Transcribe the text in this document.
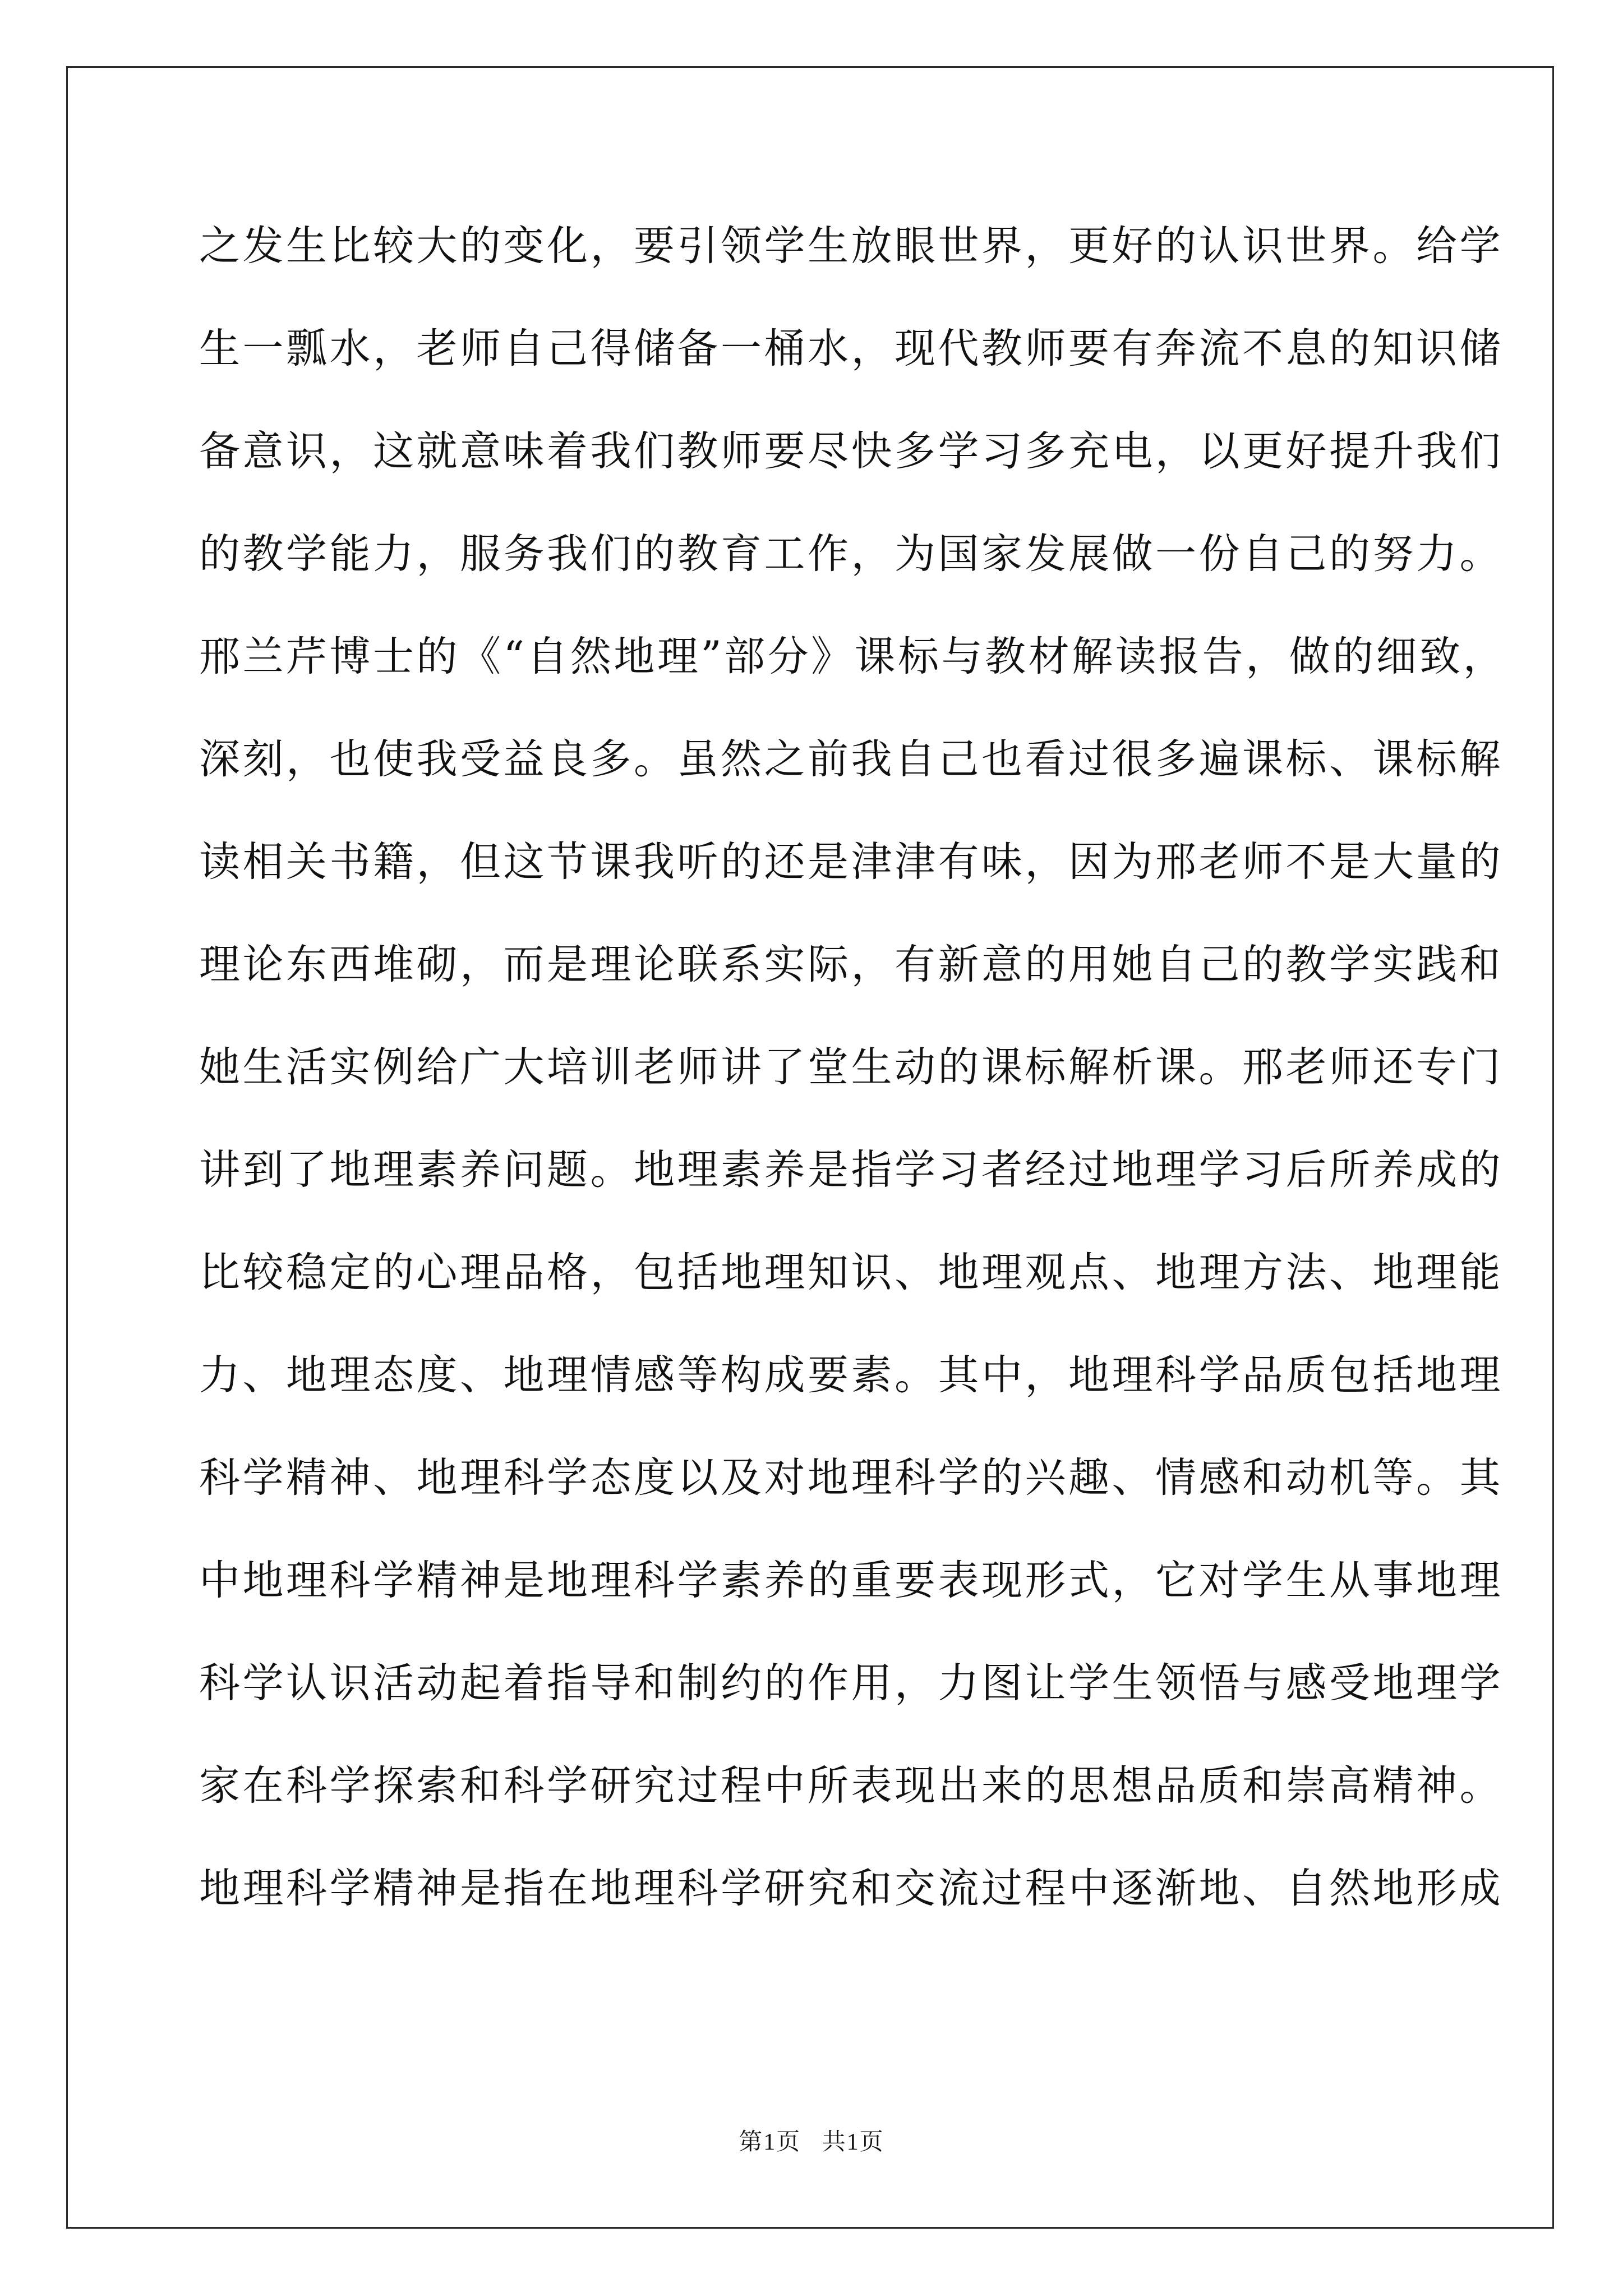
之发生比较大的变化，要引领学生放眼世界，更好的认识世界。给学
生一瓢水，老师自己得储备一桶水，现代教师要有奔流不息的知识储
备意识，这就意味着我们教师要尽快多学习多充电，以更好提升我们
的教学能力，服务我们的教育工作，为国家发展做一份自己的努力。
邢兰芹博士的《“自然地理”部分》课标与教材解读报告，做的细致，
深刻，也使我受益良多。虽然之前我自己也看过很多遍课标、课标解
读相关书籍，但这节课我听的还是津津有味，因为邢老师不是大量的
理论东西堆砌，而是理论联系实际，有新意的用她自己的教学实践和
她生活实例给广大培训老师讲了堂生动的课标解析课。邢老师还专门
讲到了地理素养问题。地理素养是指学习者经过地理学习后所养成的
比较稳定的心理品格，包括地理知识、地理观点、地理方法、地理能
力、地理态度、地理情感等构成要素。其中，地理科学品质包括地理
科学精神、地理科学态度以及对地理科学的兴趣、情感和动机等。其
中地理科学精神是地理科学素养的重要表现形式，它对学生从事地理
科学认识活动起着指导和制约的作用，力图让学生领悟与感受地理学
家在科学探索和科学研究过程中所表现出来的思想品质和崇高精神。
地理科学精神是指在地理科学研究和交流过程中逐渐地、自然地形成
第1页   共1页
